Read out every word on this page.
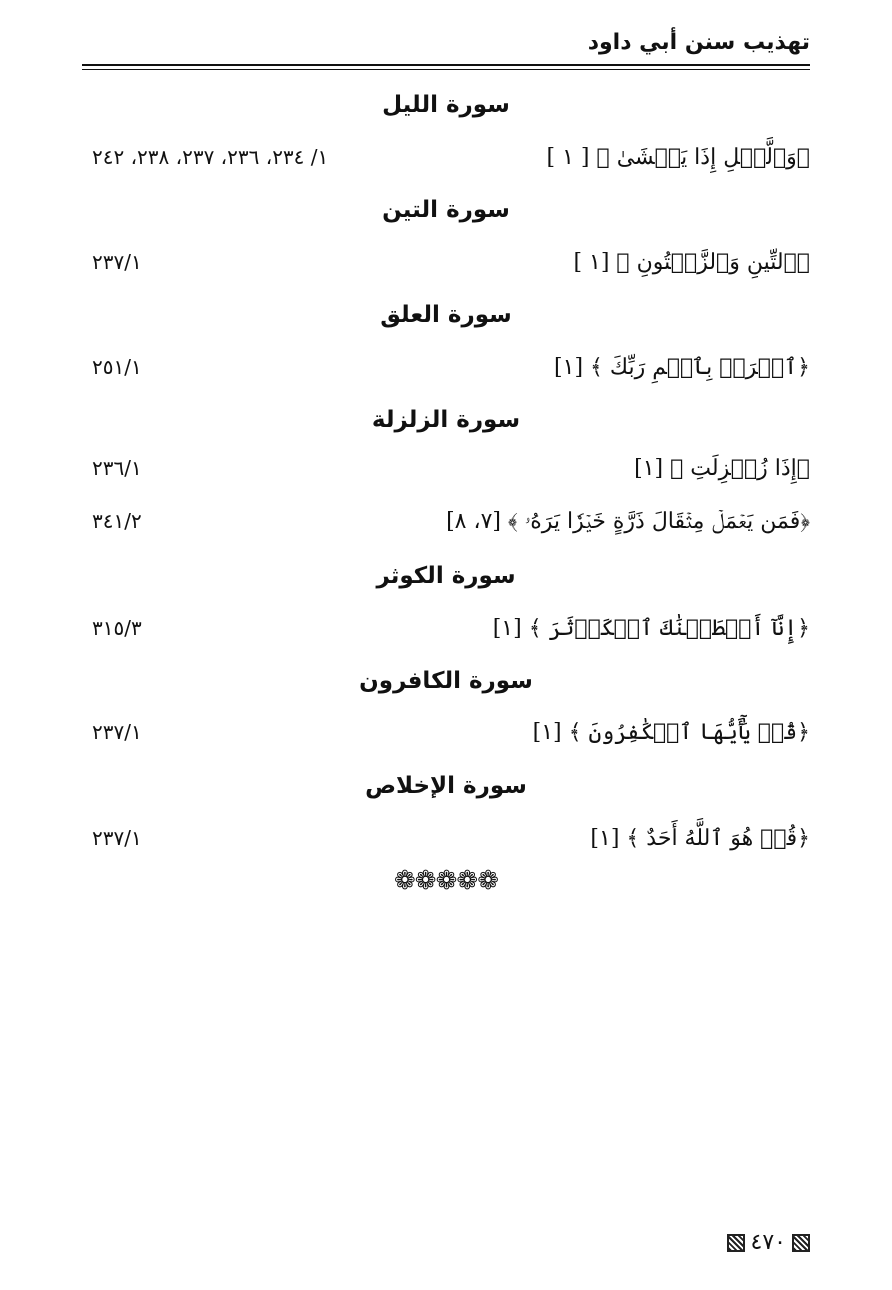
تهذيب سنن أبي داود
سورة الليل
﴿وَٱلَّيۡلِ إِذَا يَغۡشَىٰ ﴾ [ ١ ]
١/ ٢٣٤، ٢٣٦، ٢٣٧، ٢٣٨، ٢٤٢
سورة التين
﴿ٱلتِّينِ وَٱلزَّيۡتُونِ ﴾ [١ ]
٢٣٧/١
سورة العلق
﴿ٱقۡرَأۡ بِٱسۡمِ رَبِّكَ ﴾ [١]
٢٥١/١
سورة الزلزلة
﴿إِذَا زُلۡزِلَتِ ﴾ [١]
٢٣٦/١
﴿فَمَن يَعۡمَلۡ مِثۡقَالَ ذَرَّةٍ خَيۡرٗا يَرَهُۥ ﴾ [٧، ٨]
٣٤١/٢
سورة الكوثر
﴿إِنَّآ أَعۡطَيۡنَٰكَ ٱلۡكَوۡثَرَ ﴾ [١]
٣١٥/٣
سورة الكافرون
﴿قُلۡ يَٰٓأَيُّهَا ٱلۡكَٰفِرُونَ ﴾ [١]
٢٣٧/١
سورة الإخلاص
﴿قُلۡ هُوَ ٱللَّهُ أَحَدٌ ﴾ [١]
٢٣٧/١
❁❁❁❁❁
٤٧٠
